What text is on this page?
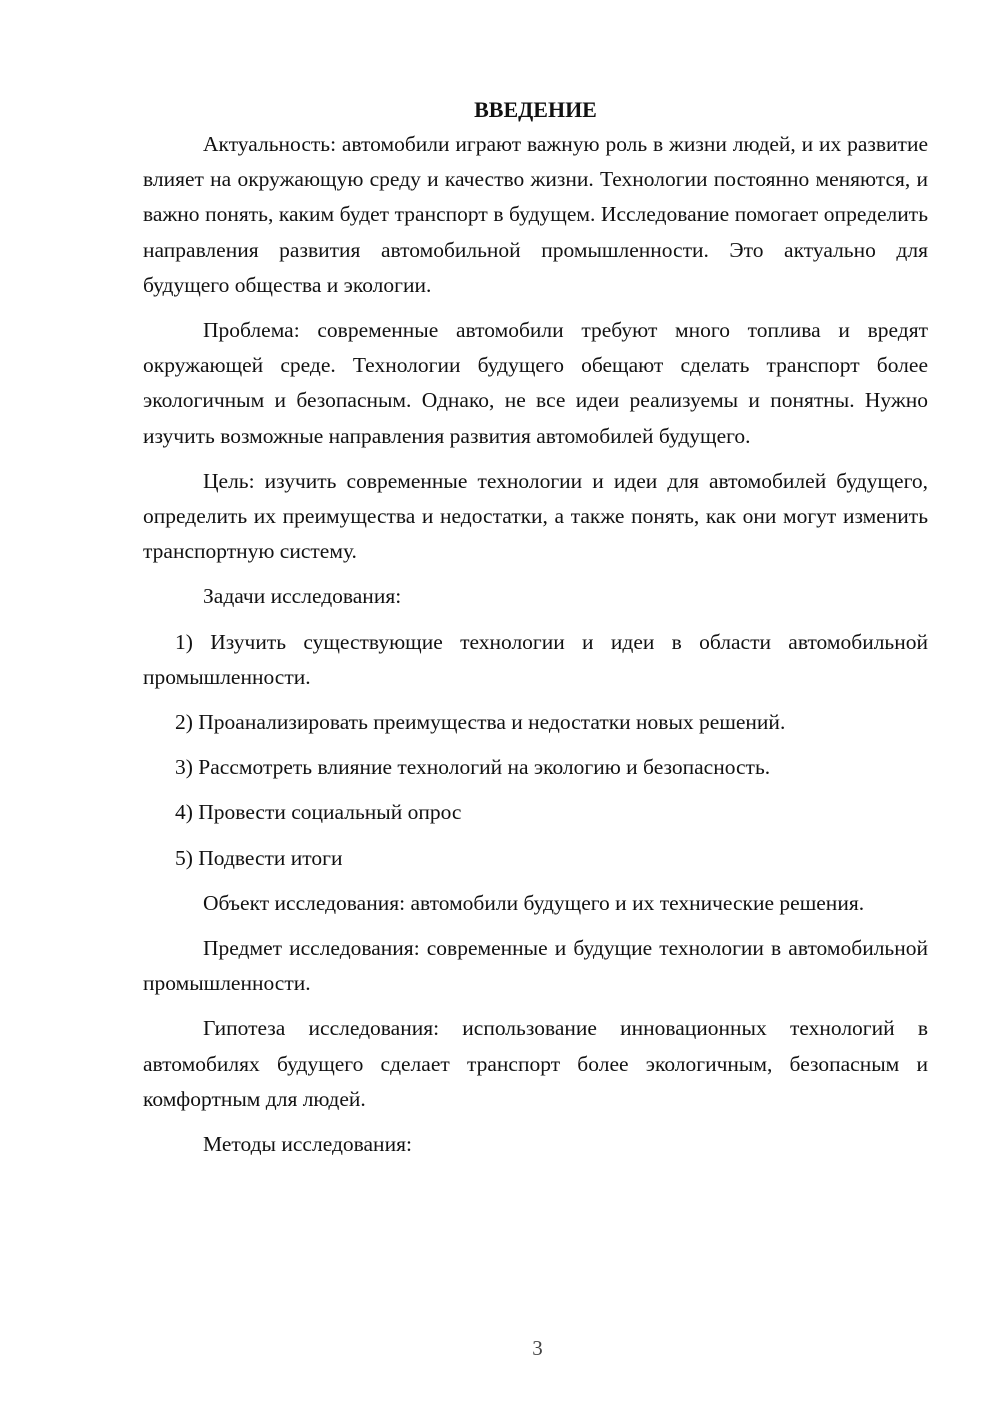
ВВЕДЕНИЕ

Актуальность: автомобили играют важную роль в жизни людей, и их развитие влияет на окружающую среду и качество жизни. Технологии постоянно меняются, и важно понять, каким будет транспорт в будущем. Исследование помогает определить направления развития автомобильной промышленности. Это актуально для будущего общества и экологии.

Проблема: современные автомобили требуют много топлива и вредят окружающей среде. Технологии будущего обещают сделать транспорт более экологичным и безопасным. Однако, не все идеи реализуемы и понятны. Нужно изучить возможные направления развития автомобилей будущего.

Цель: изучить современные технологии и идеи для автомобилей будущего, определить их преимущества и недостатки, а также понять, как они могут изменить транспортную систему.

Задачи исследования:

1) Изучить существующие технологии и идеи в области автомобильной промышленности.

2) Проанализировать преимущества и недостатки новых решений.

3) Рассмотреть влияние технологий на экологию и безопасность.

4) Провести социальный опрос

5) Подвести итоги

Объект исследования: автомобили будущего и их технические решения.

Предмет исследования: современные и будущие технологии в автомобильной промышленности.

Гипотеза исследования: использование инновационных технологий в автомобилях будущего сделает транспорт более экологичным, безопасным и комфортным для людей.

Методы исследования:

3
